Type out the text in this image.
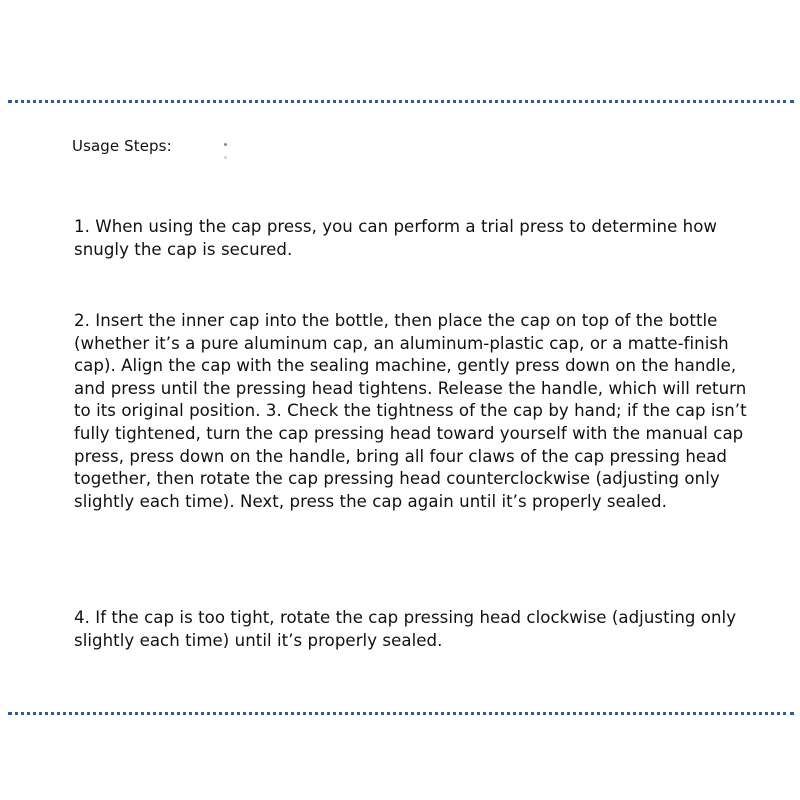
Usage Steps:

1. When using the cap press, you can perform a trial press to determine how snugly the cap is secured.

2. Insert the inner cap into the bottle, then place the cap on top of the bottle (whether it’s a pure aluminum cap, an aluminum-plastic cap, or a matte-finish cap). Align the cap with the sealing machine, gently press down on the handle, and press until the pressing head tightens. Release the handle, which will return to its original position. 3. Check the tightness of the cap by hand; if the cap isn’t fully tightened, turn the cap pressing head toward yourself with the manual cap press, press down on the handle, bring all four claws of the cap pressing head together, then rotate the cap pressing head counterclockwise (adjusting only slightly each time). Next, press the cap again until it’s properly sealed.

4. If the cap is too tight, rotate the cap pressing head clockwise (adjusting only slightly each time) until it’s properly sealed.
